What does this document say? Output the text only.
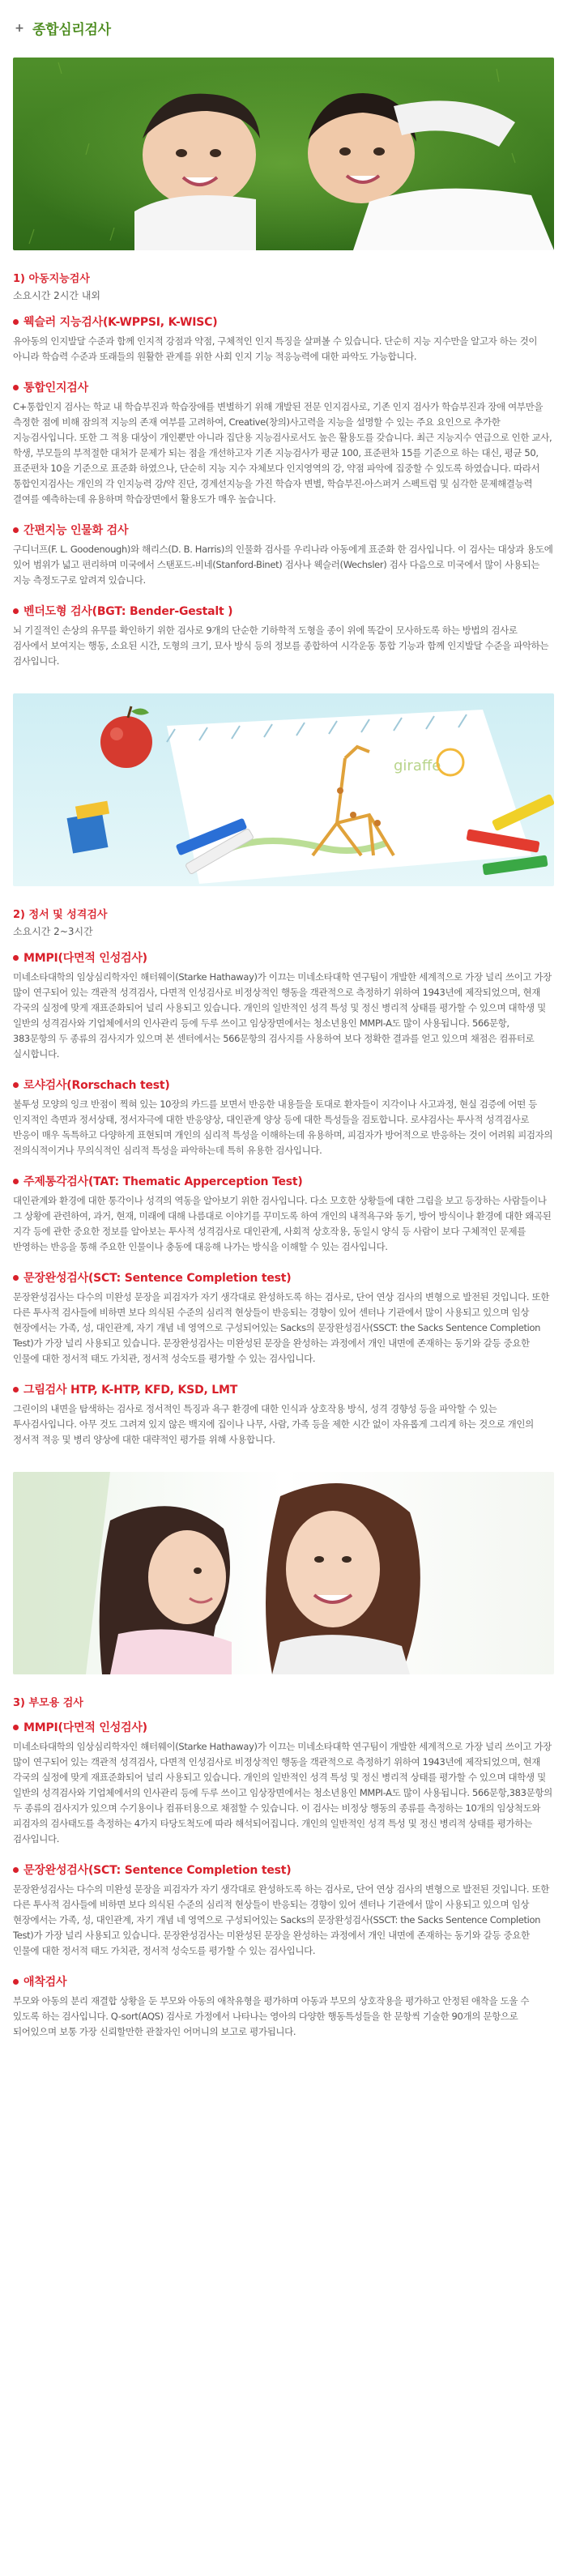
+ 종합심리검사
1) 아동지능검사

소요시간 2시간 내외

웩슬러 지능검사(K-WPPSI, K-WISC)

유아동의 인지발달 수준과 함께 인지적 강점과 약점, 구체적인 인지 특징을 살펴볼 수 있습니다. 단순히 지능 지수만을 알고자 하는 것이 아니라 학습력 수준과 또래들의 원활한 관계를 위한 사회 인지 기능 적응능력에 대한 파악도 가능합니다.

통합인지검사

C+통합인지 검사는 학교 내 학습부진과 학습장애를 변별하기 위해 개발된 전문 인지검사로, 기존 인지 검사가 학습부진과 장애 여부만을 측정한 점에 비해 잠의적 지능의 존재 여부를 고려하여, Creative(창의)사고력을 지능을 설명할 수 있는 주요 요인으로 추가한 지능검사입니다. 또한 그 적용 대상이 개인뿐만 아니라 집단용 지능검사로서도 높은 활용도를 갖습니다. 최근 지능지수 연급으로 인한 교사, 학생, 부모들의 부적절한 대처가 문제가 되는 점을 개선하고자 기존 지능검사가 평균 100, 표준편차 15를 기준으로 하는 대신, 평균 50, 표준편차 10을 기준으로 표준화 하였으나, 단순히 지능 지수 자체보다 인지영역의 강, 약점 파악에 집중할 수 있도록 하였습니다. 따라서 통합인지검사는 개인의 각 인지능력 강/약 진단, 경계선지능을 가진 학습자 변별, 학습부진-아스퍼거 스펙트럼 및 심각한 문제해결능력 결여를 예측하는데 유용하며 학습장면에서 활용도가 매우 높습니다.

간편지능 인물화 검사

구디너프(F. L. Goodenough)와 해리스(D. B. Harris)의 인물화 검사를 우리나라 아동에게 표준화 한 검사입니다. 이 검사는 대상과 용도에 있어 범위가 넓고 편리하며 미국에서 스탠포드-비네(Stanford-Binet) 검사나 웩슬러(Wechsler) 검사 다음으로 미국에서 많이 사용되는 지능 측정도구로 알려져 있습니다.

벤더도형 검사(BGT: Bender-Gestalt )

뇌 기질적인 손상의 유무를 확인하기 위한 검사로 9개의 단순한 기하학적 도형을 종이 위에 똑같이 모사하도록 하는 방법의 검사로 검사에서 보여지는 행동, 소요된 시간, 도형의 크기, 묘사 방식 등의 정보를 종합하여 시각운동 통합 기능과 함께 인지발달 수준을 파악하는 검사입니다.

giraffe
2) 정서 및 성격검사

소요시간 2~3시간

MMPI(다면적 인성검사)

미네소타대학의 임상심리학자인 해터웨이(Starke Hathaway)가 이끄는 미네소타대학 연구팀이 개발한 세계적으로 가장 널리 쓰이고 가장 많이 연구되어 있는 객관적 성격검사, 다면적 인성검사로 비정상적인 행동을 객관적으로 측정하기 위하여 1943년에 제작되었으며, 현재 각국의 실정에 맞게 재표준화되어 널리 사용되고 있습니다. 개인의 일반적인 성격 특성 및 정신 병리적 상태를 평가할 수 있으며 대학생 및 일반의 성격검사와 기업체에서의 인사관리 등에 두루 쓰이고 임상장면에서는 청소년용인 MMPI-A도 많이 사용됩니다. 566문항, 383문항의 두 종류의 검사지가 있으며 본 센터에서는 566문항의 검사지를 사용하여 보다 정확한 결과를 얻고 있으며 채점은 컴퓨터로 실시합니다.

로샤검사(Rorschach test)

불투성 모양의 잉크 반점이 찍혀 있는 10장의 카드를 보면서 반응한 내용들을 토대로 환자들이 지각이나 사고과정, 현실 검증에 어떤 등 인지적인 측면과 정서상태, 정서자극에 대한 반응양상, 대인관계 양상 등에 대한 특성들을 검토합니다. 로샤검사는 투사적 성격검사로 반응이 매우 독특하고 다양하게 표현되며 개인의 심리적 특성을 이해하는데 유용하며, 피검자가 방어적으로 반응하는 것이 어려워 피검자의 전의식적이거나 무의식적인 심리적 특성을 파악하는데 특히 유용한 검사입니다.

주제통각검사(TAT: Thematic Apperception Test)

대인관계와 환경에 대한 통각이나 성격의 역동을 알아보기 위한 검사입니다. 다소 모호한 상황들에 대한 그림을 보고 등장하는 사람들이나 그 상황에 관련하여, 과거, 현재, 미래에 대해 나름대로 이야기를 꾸미도록 하여 개인의 내적욕구와 동기, 방어 방식이나 환경에 대한 왜곡된 지각 등에 관한 중요한 정보를 알아보는 투사적 성격검사로 대인관계, 사회적 상호작용, 동일시 양식 등 사람이 보다 구체적인 문제를 반영하는 반응을 통해 주요한 인물이나 충동에 대응해 나가는 방식을 이해할 수 있는 검사입니다.

문장완성검사(SCT: Sentence Completion test)

문장완성검사는 다수의 미완성 문장을 피검자가 자기 생각대로 완성하도록 하는 검사로, 단어 연상 검사의 변형으로 발전된 것입니다. 또한 다른 투사적 검사들에 비하면 보다 의식된 수준의 심리적 현상들이 반응되는 경향이 있어 센터나 기관에서 많이 사용되고 있으며 임상 현장에서는 가족, 성, 대인관계, 자기 개념 네 영역으로 구성되어있는 Sacks의 문장완성검사(SSCT: the Sacks Sentence Completion Test)가 가장 널리 사용되고 있습니다. 문장완성검사는 미완성된 문장을 완성하는 과정에서 개인 내면에 존재하는 동기와 갈등 중요한 인물에 대한 정서적 태도 가치관, 정서적 성숙도를 평가할 수 있는 검사입니다.

그림검사 HTP, K-HTP, KFD, KSD, LMT

그린이의 내면을 탐색하는 검사로 정서적인 특징과 욕구 환경에 대한 인식과 상호작용 방식, 성격 경향성 등을 파악할 수 있는 투사검사입니다. 아무 것도 그려져 있지 않은 백지에 집이나 나무, 사람, 가족 등을 제한 시간 없이 자유롭게 그리게 하는 것으로 개인의 정서적 적응 및 병리 양상에 대한 대략적인 평가를 위해 사용합니다.

3) 부모용 검사
MMPI(다면적 인성검사)

미네소타대학의 임상심리학자인 해터웨이(Starke Hathaway)가 이끄는 미네소타대학 연구팀이 개발한 세계적으로 가장 널리 쓰이고 가장 많이 연구되어 있는 객관적 성격검사, 다면적 인성검사로 비정상적인 행동을 객관적으로 측정하기 위하여 1943년에 제작되었으며, 현재 각국의 실정에 맞게 재표준화되어 널리 사용되고 있습니다. 개인의 일반적인 성격 특성 및 정신 병리적 상태를 평가할 수 있으며 대학생 및 일반의 성격검사와 기업체에서의 인사관리 등에 두루 쓰이고 임상장면에서는 청소년용인 MMPI-A도 많이 사용됩니다. 566문항,383문항의 두 종류의 검사지가 있으며 수기용이나 컴퓨터용으로 채점할 수 있습니다. 이 검사는 비정상 행동의 종류를 측정하는 10개의 임상척도와 피검자의 검사태도를 측정하는 4가지 타당도척도에 따라 해석되어집니다. 개인의 일반적인 성격 특성 및 정신 병리적 상태를 평가하는 검사입니다.

문장완성검사(SCT: Sentence Completion test)

문장완성검사는 다수의 미완성 문장을 피검자가 자기 생각대로 완성하도록 하는 검사로, 단어 연상 검사의 변형으로 발전된 것입니다. 또한 다른 투사적 검사들에 비하면 보다 의식된 수준의 심리적 현상들이 반응되는 경향이 있어 센터나 기관에서 많이 사용되고 있으며 임상 현장에서는 가족, 성, 대인관계, 자기 개념 네 영역으로 구성되어있는 Sacks의 문장완성검사(SSCT: the Sacks Sentence Completion Test)가 가장 널리 사용되고 있습니다. 문장완성검사는 미완성된 문장을 완성하는 과정에서 개인 내면에 존재하는 동기와 갈등 중요한 인물에 대한 정서적 태도 가치관, 정서적 성숙도를 평가할 수 있는 검사입니다.

애착검사

부모와 아동의 분리 재결합 상황을 둔 부모와 아동의 애착유형을 평가하며 아동과 부모의 상호작용을 평가하고 안정된 애착을 도울 수 있도록 하는 검사입니다. Q-sort(AQS) 검사로 가정에서 나타나는 영아의 다양한 행동특성들을 한 문항씩 기술한 90개의 문항으로 되어있으며 보통 가장 신뢰할만한 관찰자인 어머니의 보고로 평가됩니다.
